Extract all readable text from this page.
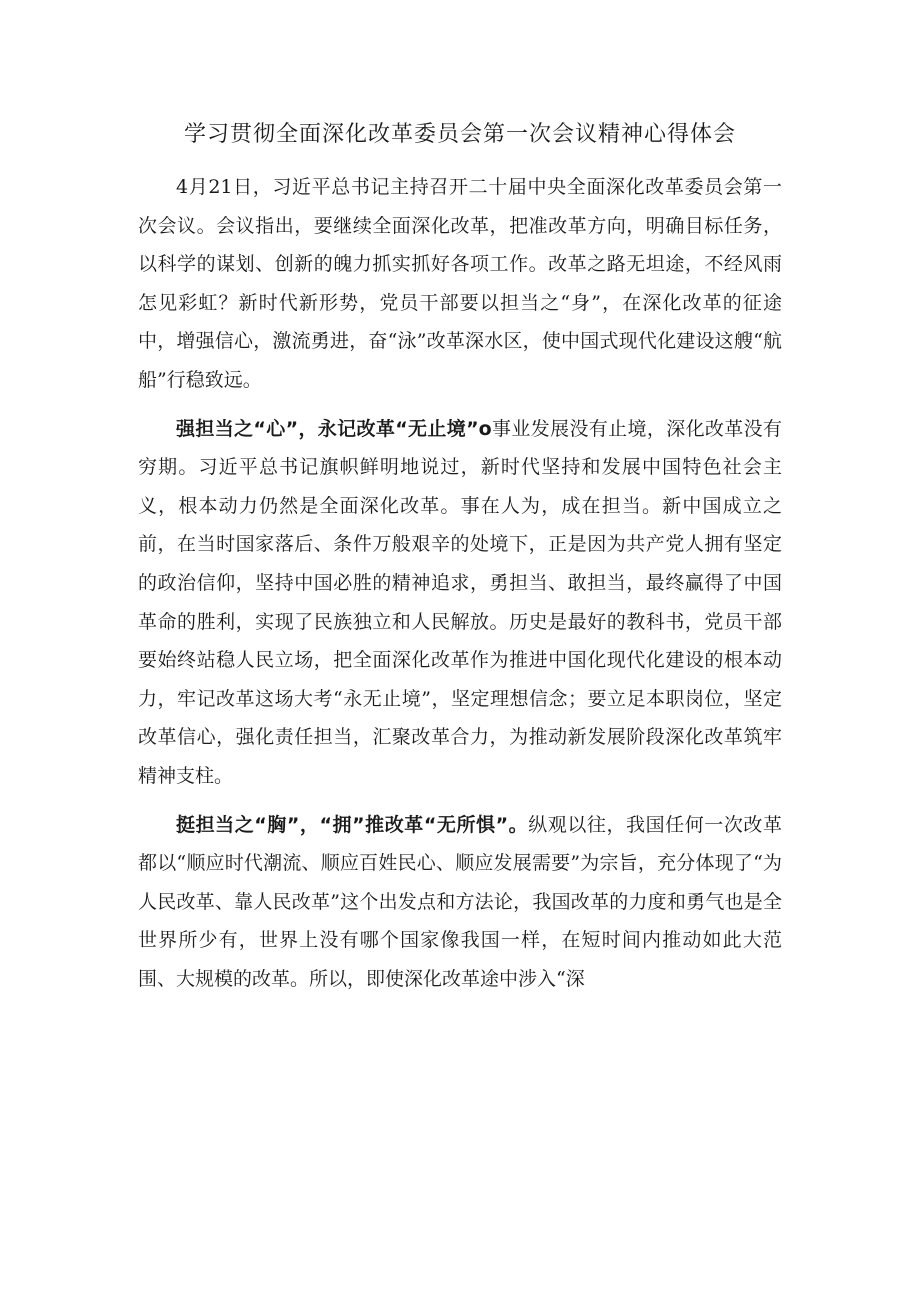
学习贯彻全面深化改革委员会第一次会议精神心得体会

4月21日，习近平总书记主持召开二十届中央全面深化改革委员会第一次会议。会议指出，要继续全面深化改革，把准改革方向，明确目标任务，以科学的谋划、创新的魄力抓实抓好各项工作。改革之路无坦途，不经风雨怎见彩虹？新时代新形势，党员干部要以担当之“身”，在深化改革的征途中，增强信心，激流勇进，奋“泳”改革深水区，使中国式现代化建设这艘“航船”行稳致远。

强担当之“心”，永记改革“无止境”o事业发展没有止境，深化改革没有穷期。习近平总书记旗帜鲜明地说过，新时代坚持和发展中国特色社会主义，根本动力仍然是全面深化改革。事在人为，成在担当。新中国成立之前，在当时国家落后、条件万般艰辛的处境下，正是因为共产党人拥有坚定的政治信仰，坚持中国必胜的精神追求，勇担当、敢担当，最终赢得了中国革命的胜利，实现了民族独立和人民解放。历史是最好的教科书，党员干部要始终站稳人民立场，把全面深化改革作为推进中国化现代化建设的根本动力，牢记改革这场大考“永无止境”，坚定理想信念；要立足本职岗位，坚定改革信心，强化责任担当，汇聚改革合力，为推动新发展阶段深化改革筑牢精神支柱。

挺担当之“胸”，“拥”推改革“无所惧”。纵观以往，我国任何一次改革都以“顺应时代潮流、顺应百姓民心、顺应发展需要”为宗旨，充分体现了“为人民改革、靠人民改革”这个出发点和方法论，我国改革的力度和勇气也是全世界所少有，世界上没有哪个国家像我国一样，在短时间内推动如此大范围、大规模的改革。所以，即使深化改革途中涉入“深
